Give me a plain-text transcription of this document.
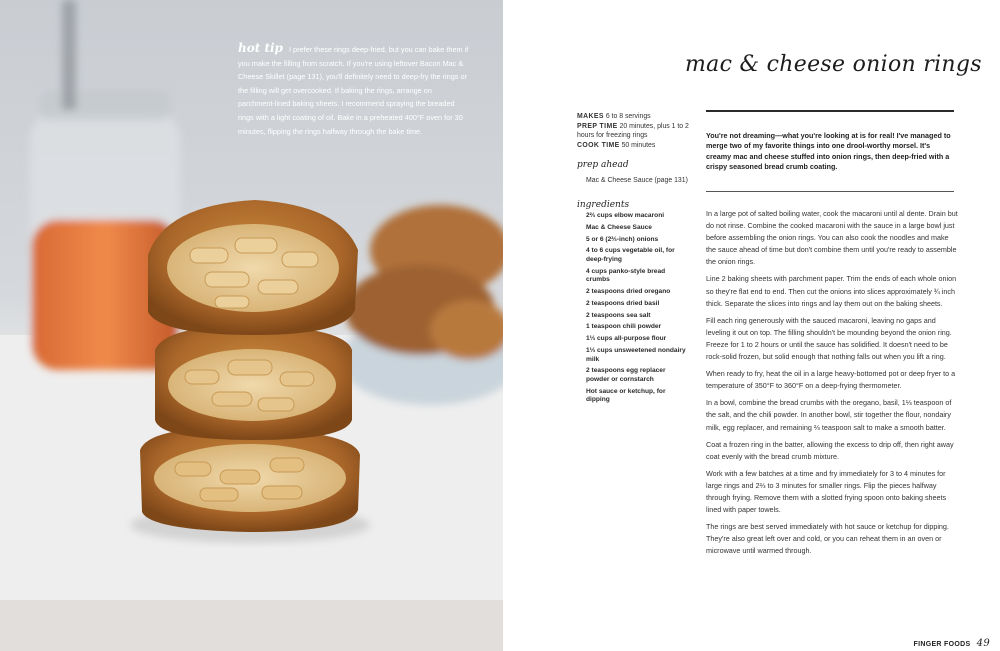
hot tip I prefer these rings deep-fried, but you can bake them if you make the filling from scratch. If you're using leftover Bacon Mac & Cheese Skillet (page 131), you'll definitely need to deep-fry the rings or the filling will get overcooked. If baking the rings, arrange on parchment-lined baking sheets. I recommend spraying the breaded rings with a light coating of oil. Bake in a preheated 400°F oven for 30 minutes, flipping the rings halfway through the bake time.
mac & cheese onion rings
MAKES 6 to 8 servings
PREP TIME 20 minutes, plus 1 to 2 hours for freezing rings
COOK TIME 50 minutes
prep ahead
Mac & Cheese Sauce (page 131)
ingredients
2⅔ cups elbow macaroni
Mac & Cheese Sauce
5 or 6 (2⅔-inch) onions
4 to 6 cups vegetable oil, for deep-frying
4 cups panko-style bread crumbs
2 teaspoons dried oregano
2 teaspoons dried basil
2 teaspoons sea salt
1 teaspoon chili powder
1⅓ cups all-purpose flour
1⅓ cups unsweetened nondairy milk
2 teaspoons egg replacer powder or cornstarch
Hot sauce or ketchup, for dipping
You're not dreaming—what you're looking at is for real! I've managed to merge two of my favorite things into one drool-worthy morsel. It's creamy mac and cheese stuffed into onion rings, then deep-fried with a crispy seasoned bread crumb coating.

In a large pot of salted boiling water, cook the macaroni until al dente. Drain but do not rinse. Combine the cooked macaroni with the sauce in a large bowl just before assembling the onion rings. You can also cook the noodles and make the sauce ahead of time but don't combine them until you're ready to assemble the onion rings.

Line 2 baking sheets with parchment paper. Trim the ends of each whole onion so they're flat end to end. Then cut the onions into slices approximately ¾ inch thick. Separate the slices into rings and lay them out on the baking sheets.

Fill each ring generously with the sauced macaroni, leaving no gaps and leveling it out on top. The filling shouldn't be mounding beyond the onion ring. Freeze for 1 to 2 hours or until the sauce has solidified. It doesn't need to be rock-solid frozen, but solid enough that nothing falls out when you lift a ring.

When ready to fry, heat the oil in a large heavy-bottomed pot or deep fryer to a temperature of 350°F to 360°F on a deep-frying thermometer.

In a bowl, combine the bread crumbs with the oregano, basil, 1⅓ teaspoon of the salt, and the chili powder. In another bowl, stir together the flour, nondairy milk, egg replacer, and remaining ⅔ teaspoon salt to make a smooth batter.

Coat a frozen ring in the batter, allowing the excess to drip off, then right away coat evenly with the bread crumb mixture.

Work with a few batches at a time and fry immediately for 3 to 4 minutes for large rings and 2⅔ to 3 minutes for smaller rings. Flip the pieces halfway through frying. Remove them with a slotted frying spoon onto baking sheets lined with paper towels.

The rings are best served immediately with hot sauce or ketchup for dipping. They're also great left over and cold, or you can reheat them in an oven or microwave until warmed through.

FINGER FOODS 49
